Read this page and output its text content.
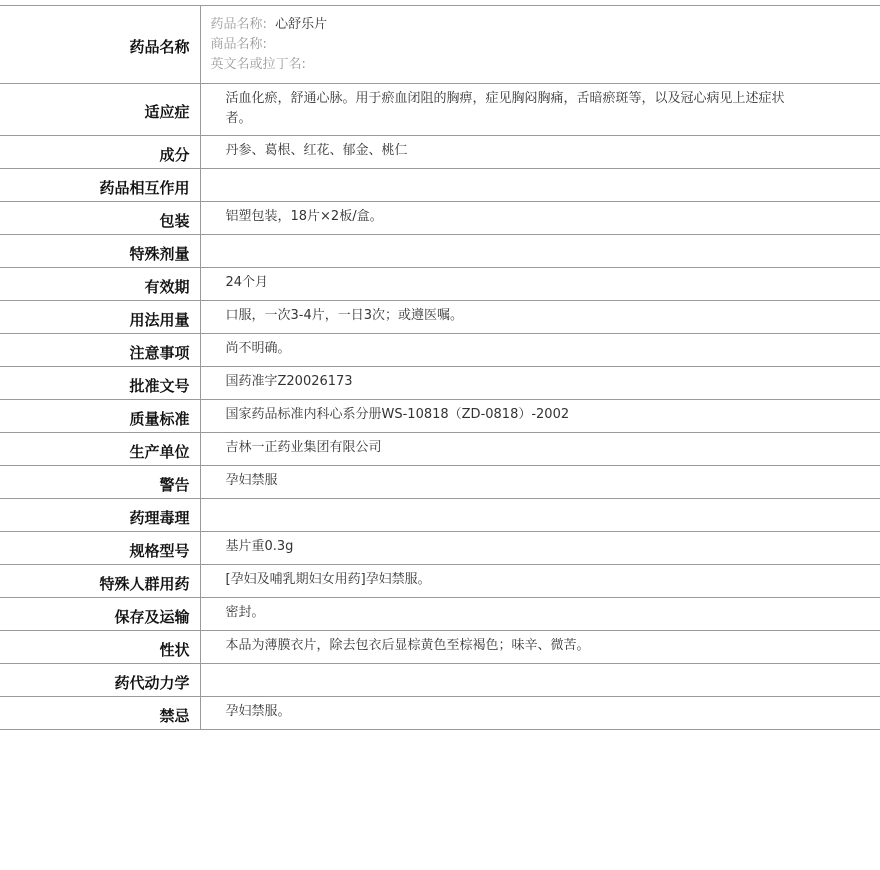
药品名称	药品名称: 心舒乐片
商品名称:
英文名或拉丁名:

适应症	活血化瘀，舒通心脉。用于瘀血闭阻的胸痹，症见胸闷胸痛，舌暗瘀斑等，以及冠心病见上述症状者。

成分	丹参、葛根、红花、郁金、桃仁

药品相互作用	

包装	铝塑包装，18片×2板/盒。

特殊剂量	

有效期	24个月

用法用量	口服，一次3-4片，一日3次；或遵医嘱。

注意事项	尚不明确。

批准文号	国药准字Z20026173

质量标准	国家药品标准内科心系分册WS-10818（ZD-0818）-2002

生产单位	吉林一正药业集团有限公司

警告	孕妇禁服

药理毒理	

规格型号	基片重0.3g

特殊人群用药	[孕妇及哺乳期妇女用药]孕妇禁服。

保存及运输	密封。

性状	本品为薄膜衣片，除去包衣后显棕黄色至棕褐色；味辛、微苦。

药代动力学	

禁忌	孕妇禁服。
